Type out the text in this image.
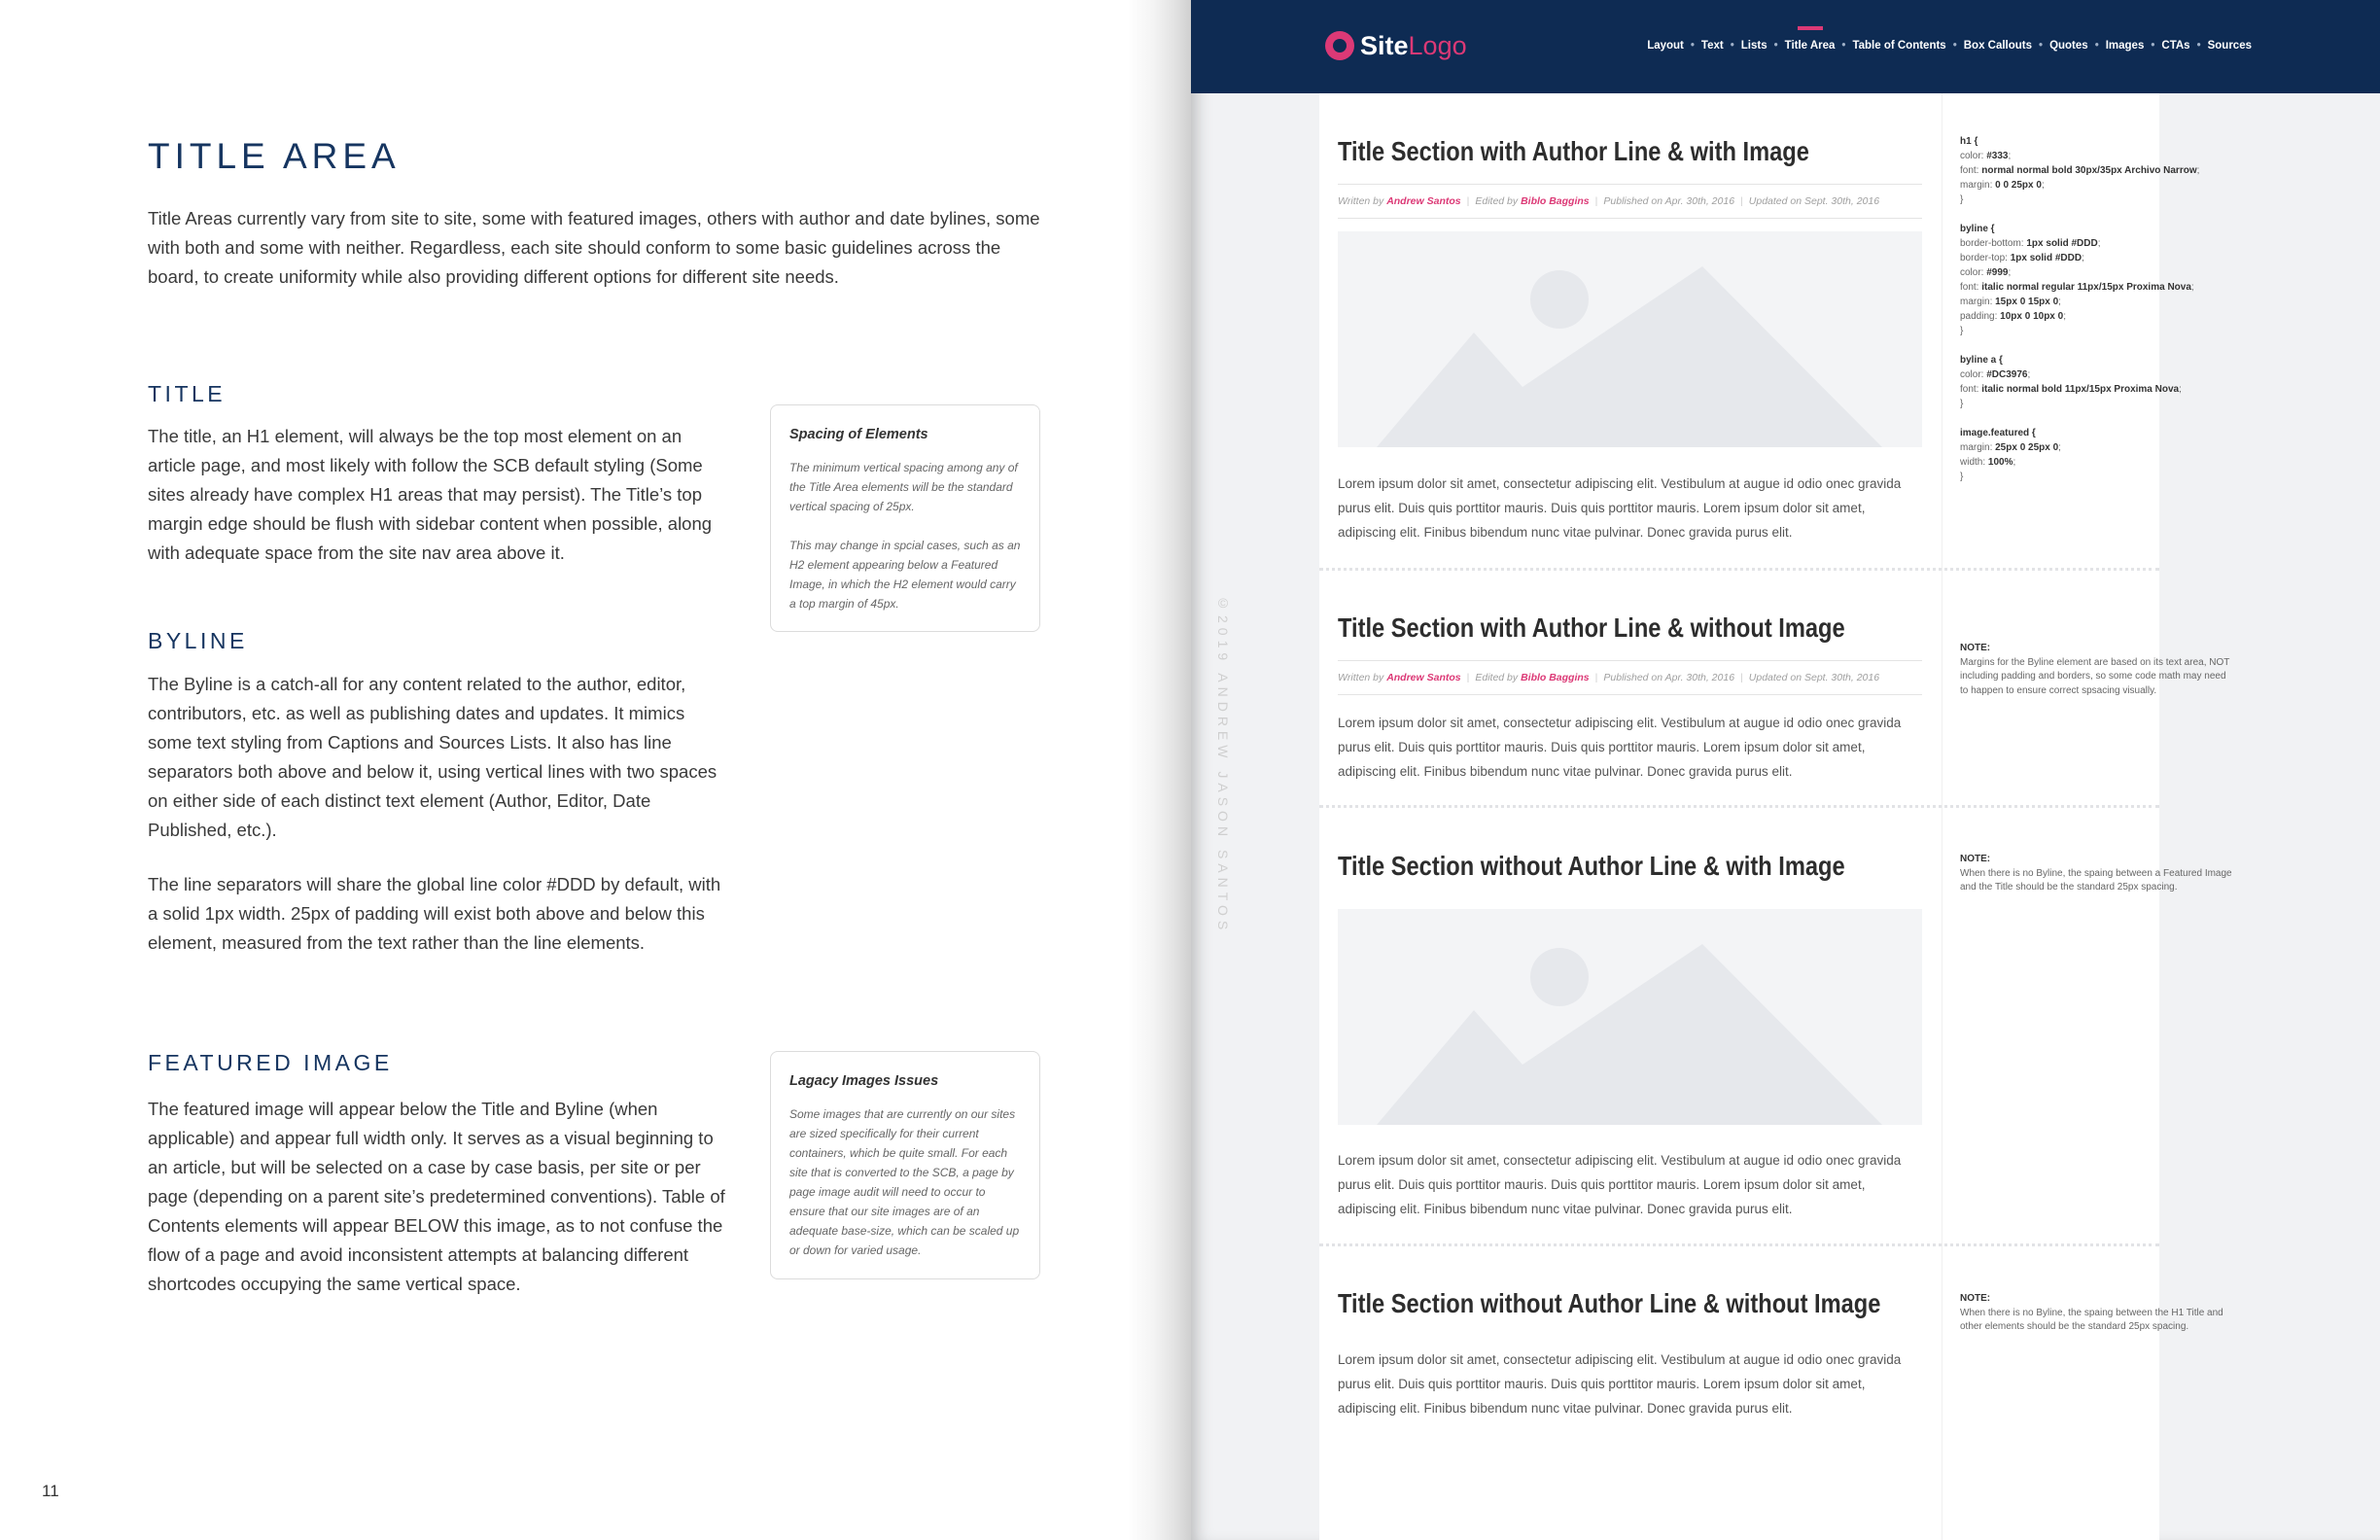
TITLE AREA

Title Areas currently vary from site to site, some with featured images, others with author and date bylines, some with both and some with neither. Regardless, each site should conform to some basic guidelines across the board, to create uniformity while also providing different options for different site needs.

TITLE

The title, an H1 element, will always be the top most element on an article page, and most likely with follow the SCB default styling (Some sites already have complex H1 areas that may persist). The Title’s top margin edge should be flush with sidebar content when possible, along with adequate space from the site nav area above it.

BYLINE

The Byline is a catch-all for any content related to the author, editor, contributors, etc. as well as publishing dates and updates. It mimics some text styling from Captions and Sources Lists. It also has line separators both above and below it, using vertical lines with two spaces on either side of each distinct text element (Author, Editor, Date Published, etc.).

The line separators will share the global line color #DDD by default, with a solid 1px width. 25px of padding will exist both above and below this element, measured from the text rather than the line elements.

FEATURED IMAGE

The featured image will appear below the Title and Byline (when applicable) and appear full width only. It serves as a visual beginning to an article, but will be selected on a case by case basis, per site or per page (depending on a parent site’s predetermined conventions). Table of Contents elements will appear BELOW this image, as to not confuse the flow of a page and avoid inconsistent attempts at balancing different shortcodes occupying the same vertical space.

Spacing of Elements

The minimum vertical spacing among any of the Title Area elements will be the standard vertical spacing of 25px.

This may change in spcial cases, such as an H2 element appearing below a Featured Image, in which the H2 element would carry a top margin of 45px.

Lagacy Images Issues

Some images that are currently on our sites are sized specifically for their current containers, which be quite small. For each site that is converted to the SCB, a page by page image audit will need to occur to ensure that our site images are of an adequate base-size, which can be scaled up or down for varied usage.

11
SiteLogo	Layout • Text • Lists • Title Area • Table of Contents • Box Callouts • Quotes • Images • CTAs • Sources
©2019 ANDREW JASON SANTOS
Title Section with Author Line & with Image
Written by
Andrew Santos | Edited by
Biblo Baggins | Published on Apr. 30th, 2016 | Updated on Sept. 30th, 2016

Lorem ipsum dolor sit amet, consectetur adipiscing elit. Vestibulum at augue id odio onec gravida purus elit. Duis quis porttitor mauris. Duis quis porttitor mauris. Lorem ipsum dolor sit amet, adipiscing elit. Finibus bibendum nunc vitae pulvinar. Donec gravida purus elit.

Title Section with Author Line & without Image
Written by
Andrew Santos | Edited by
Biblo Baggins | Published on Apr. 30th, 2016 | Updated on Sept. 30th, 2016

Lorem ipsum dolor sit amet, consectetur adipiscing elit. Vestibulum at augue id odio onec gravida purus elit. Duis quis porttitor mauris. Duis quis porttitor mauris. Lorem ipsum dolor sit amet, adipiscing elit. Finibus bibendum nunc vitae pulvinar. Donec gravida purus elit.

Title Section without Author Line & with Image

Lorem ipsum dolor sit amet, consectetur adipiscing elit. Vestibulum at augue id odio onec gravida purus elit. Duis quis porttitor mauris. Duis quis porttitor mauris. Lorem ipsum dolor sit amet, adipiscing elit. Finibus bibendum nunc vitae pulvinar. Donec gravida purus elit.

Title Section without Author Line & without Image

Lorem ipsum dolor sit amet, consectetur adipiscing elit. Vestibulum at augue id odio onec gravida purus elit. Duis quis porttitor mauris. Duis quis porttitor mauris. Lorem ipsum dolor sit amet, adipiscing elit. Finibus bibendum nunc vitae pulvinar. Donec gravida purus elit.

h1 {
color: #333;
font: normal normal bold 30px/35px Archivo Narrow;
margin: 0 0 25px 0;
}
byline {
border-bottom: 1px solid #DDD;
border-top: 1px solid #DDD;
color: #999;
font: italic normal regular 11px/15px Proxima Nova;
margin: 15px 0 15px 0;
padding: 10px 0 10px 0;
}
byline a {
color: #DC3976;
font: italic normal bold 11px/15px Proxima Nova;
}
image.featured {
margin: 25px 0 25px 0;
width: 100%;
}
NOTE:
Margins for the Byline element are based on its text area, NOT including padding and borders, so some code math may need to happen to ensure correct spsacing visually.
NOTE:
When there is no Byline, the spaing between a Featured Image and the Title should be the standard 25px spacing.
NOTE:
When there is no Byline, the spaing between the H1 Title and other elements should be the standard 25px spacing.
